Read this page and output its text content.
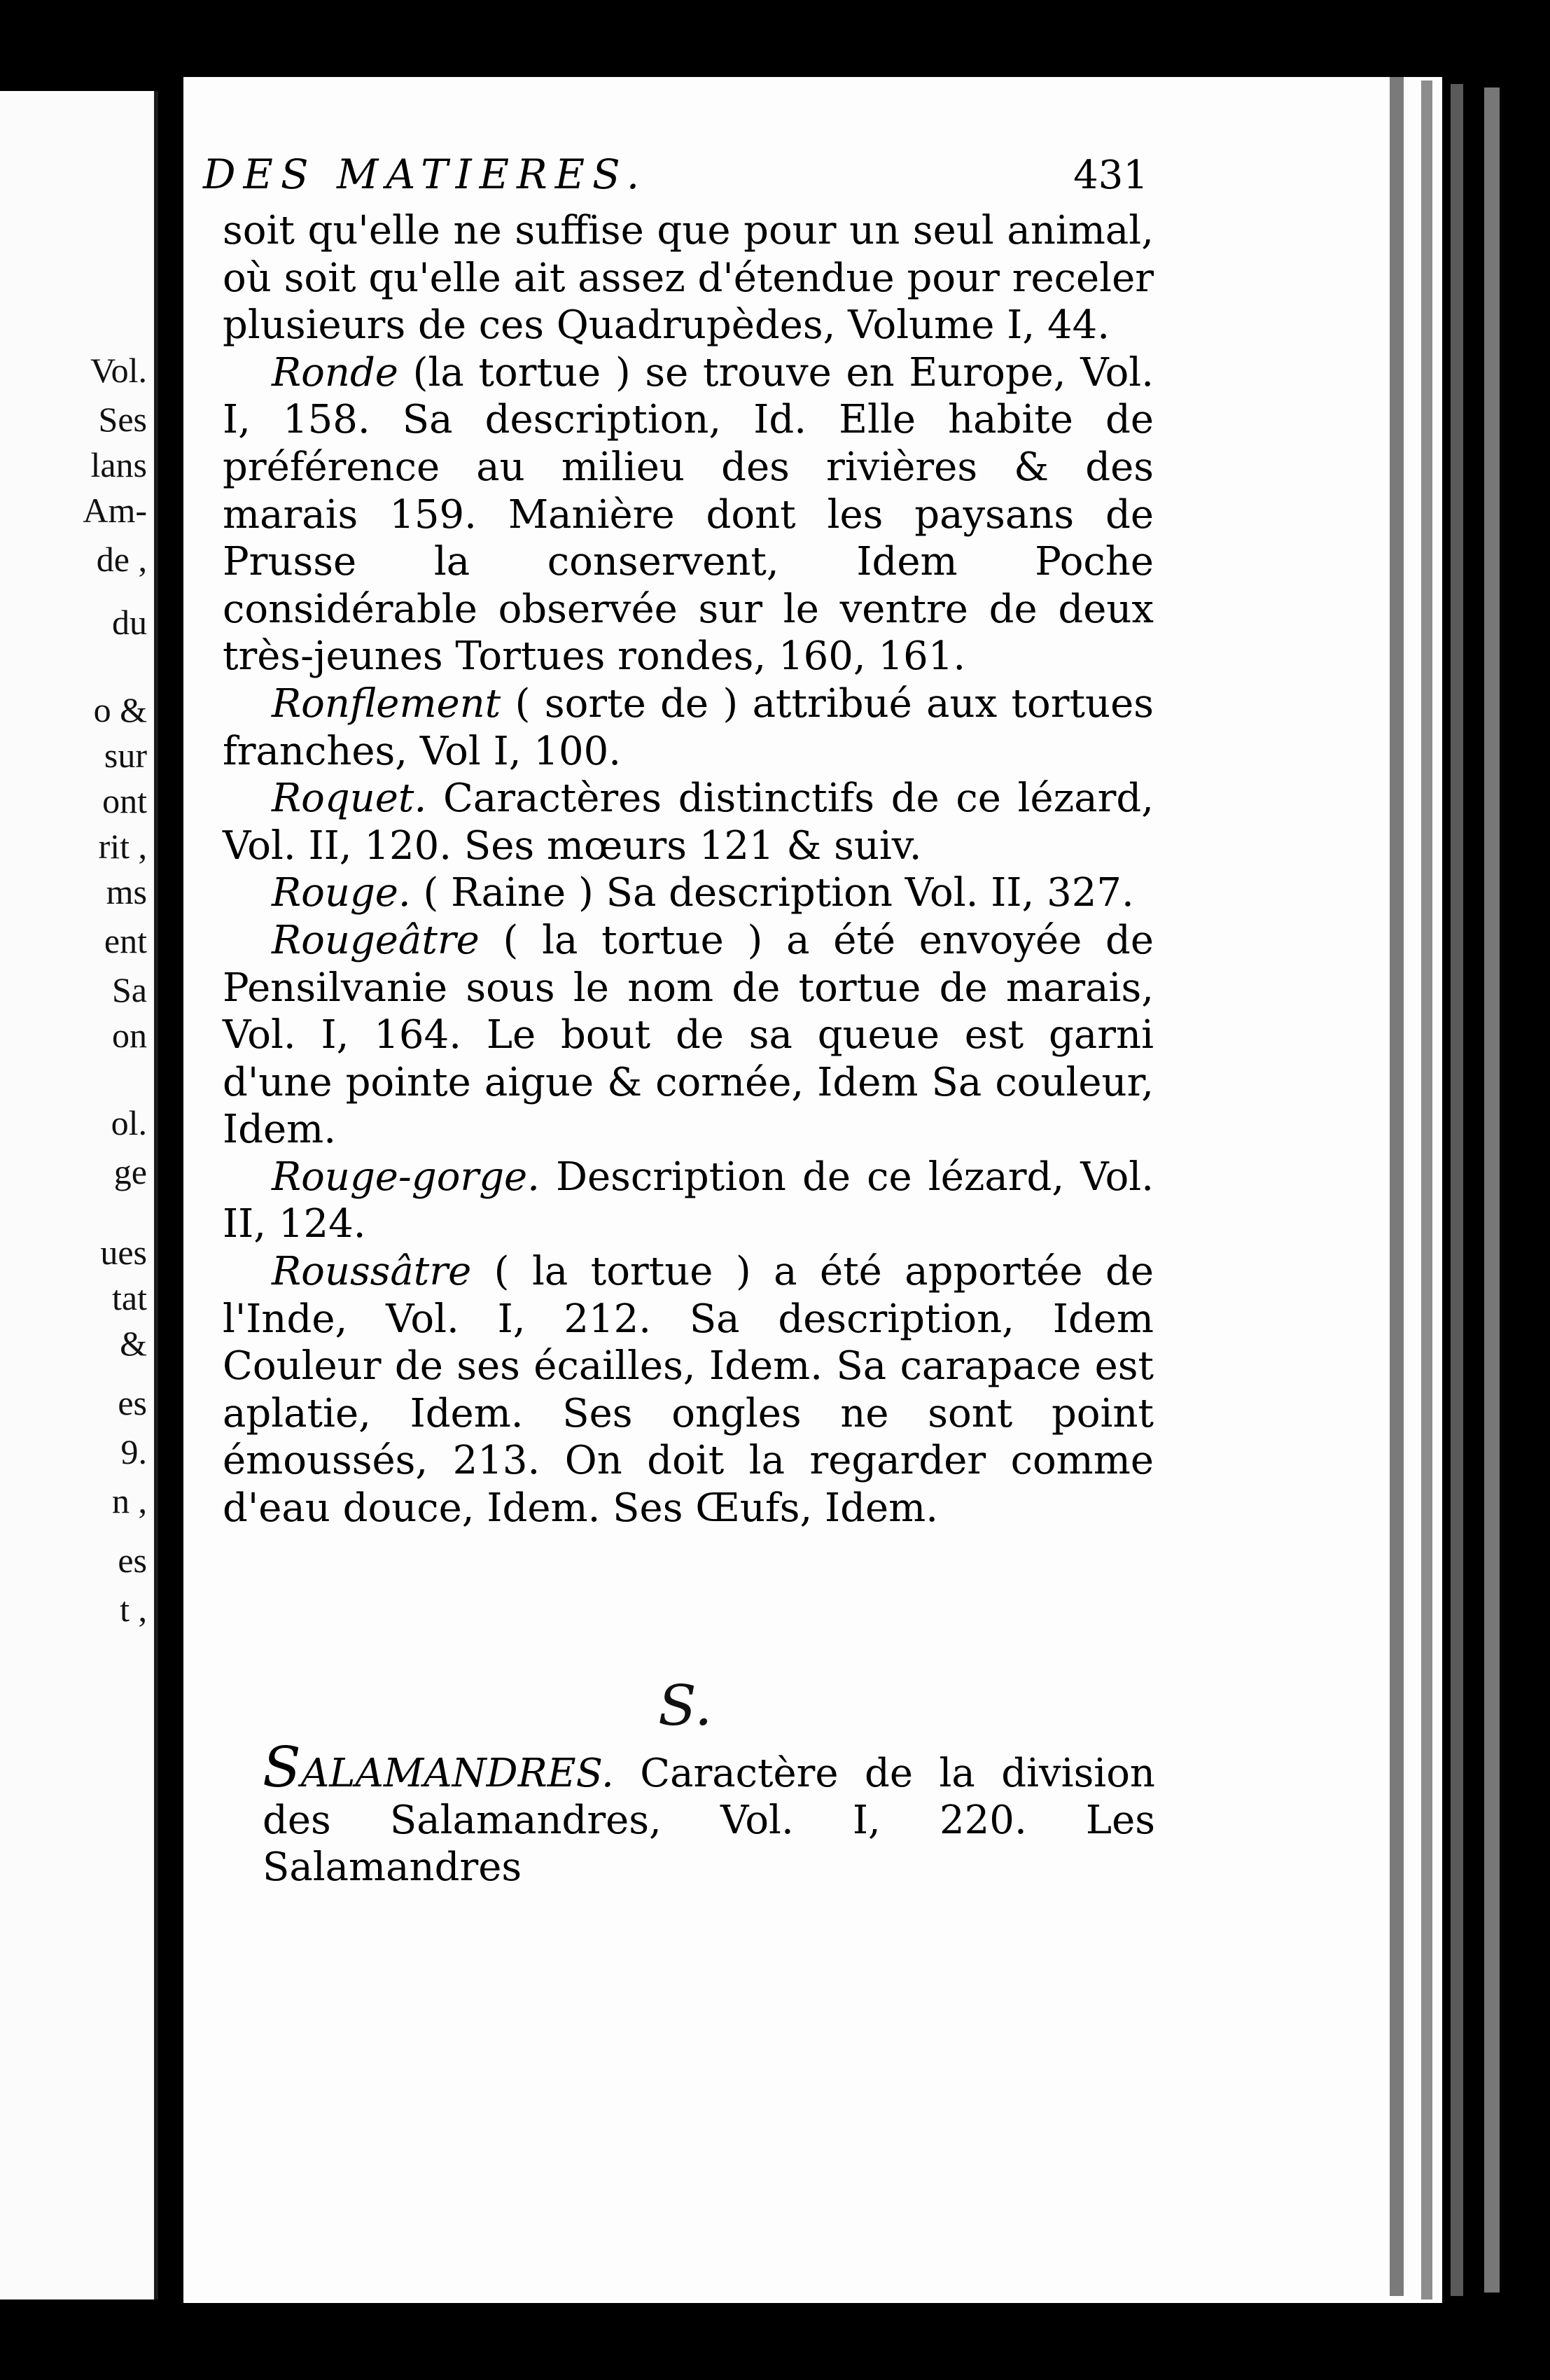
Vol.
Ses
lans
Am-
de ,
du
o &
sur
ont
rit ,
ms
ent
Sa
on
ol.
ge
ues
tat
&
es
9.
n ,
es
t ,
DES MATIERES.	431

soit qu'elle ne suffise que pour un seul animal, où soit qu'elle ait assez d'étendue pour receler plusieurs de ces Quadrupèdes, Volume I, 44.

Ronde (la tortue ) se trouve en Europe, Vol. I, 158. Sa description, Id. Elle habite de préférence au milieu des rivières & des marais 159. Manière dont les paysans de Prusse la conservent, Idem Poche considérable observée sur le ventre de deux très-jeunes Tortues rondes, 160, 161.

Ronflement ( sorte de ) attribué aux tortues franches, Vol I, 100.

Roquet. Caractères distinctifs de ce lézard, Vol. II, 120. Ses mœurs 121 & suiv.

Rouge. ( Raine ) Sa description Vol. II, 327.

Rougeâtre ( la tortue ) a été envoyée de Pensilvanie sous le nom de tortue de marais, Vol. I, 164. Le bout de sa queue est garni d'une pointe aigue & cornée, Idem Sa couleur, Idem.

Rouge-gorge. Description de ce lézard, Vol. II, 124.

Roussâtre ( la tortue ) a été apportée de l'Inde, Vol. I, 212. Sa description, Idem Couleur de ses écailles, Idem. Sa carapace est aplatie, Idem. Ses ongles ne sont point émoussés, 213. On doit la regarder comme d'eau douce, Idem. Ses Œufs, Idem.

S.
SALAMANDRES. Caractère de la division des Salamandres, Vol. I, 220. Les Salamandres
